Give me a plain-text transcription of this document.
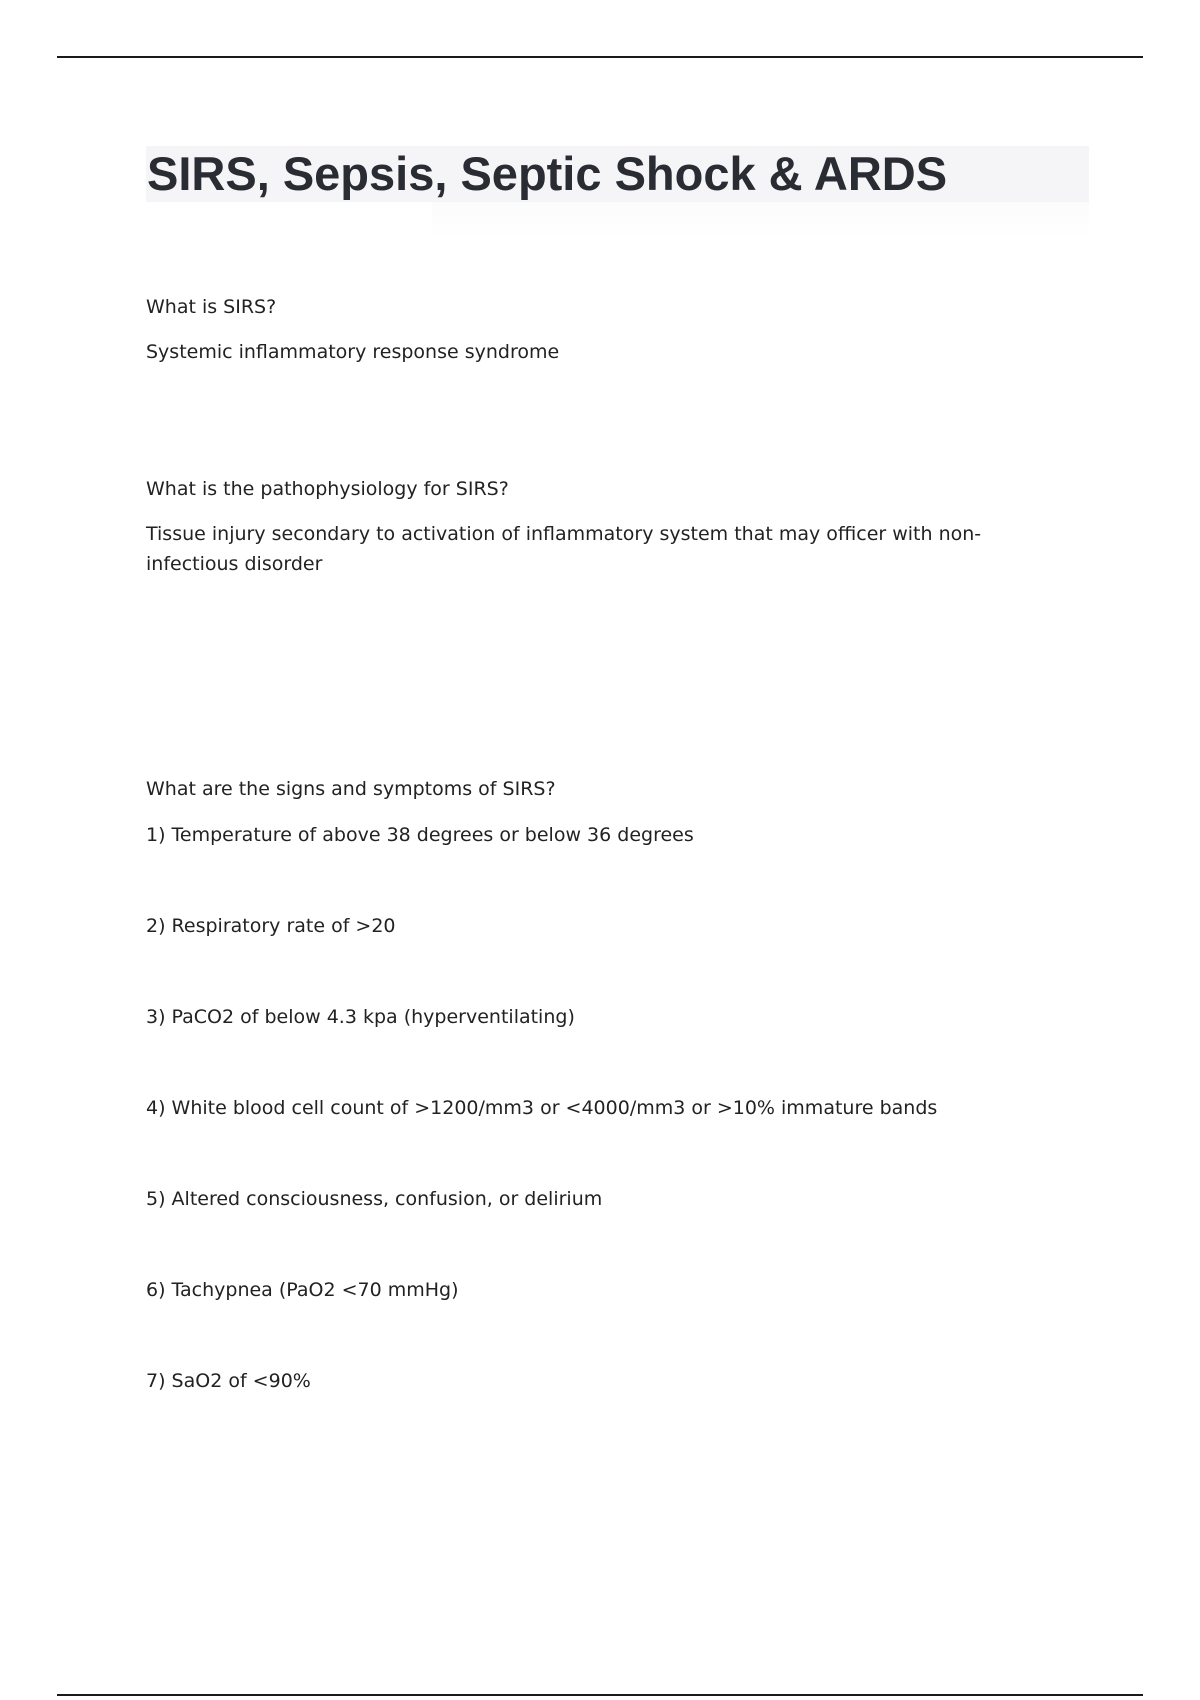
SIRS, Sepsis, Septic Shock & ARDS

What is SIRS?

Systemic inflammatory response syndrome

What is the pathophysiology for SIRS?

Tissue injury secondary to activation of inflammatory system that may officer with non-infectious disorder

What are the signs and symptoms of SIRS?

1) Temperature of above 38 degrees or below 36 degrees

2) Respiratory rate of >20

3) PaCO2 of below 4.3 kpa (hyperventilating)

4) White blood cell count of >1200/mm3 or <4000/mm3 or >10% immature bands

5) Altered consciousness, confusion, or delirium

6) Tachypnea (PaO2 <70 mmHg)

7) SaO2 of <90%
